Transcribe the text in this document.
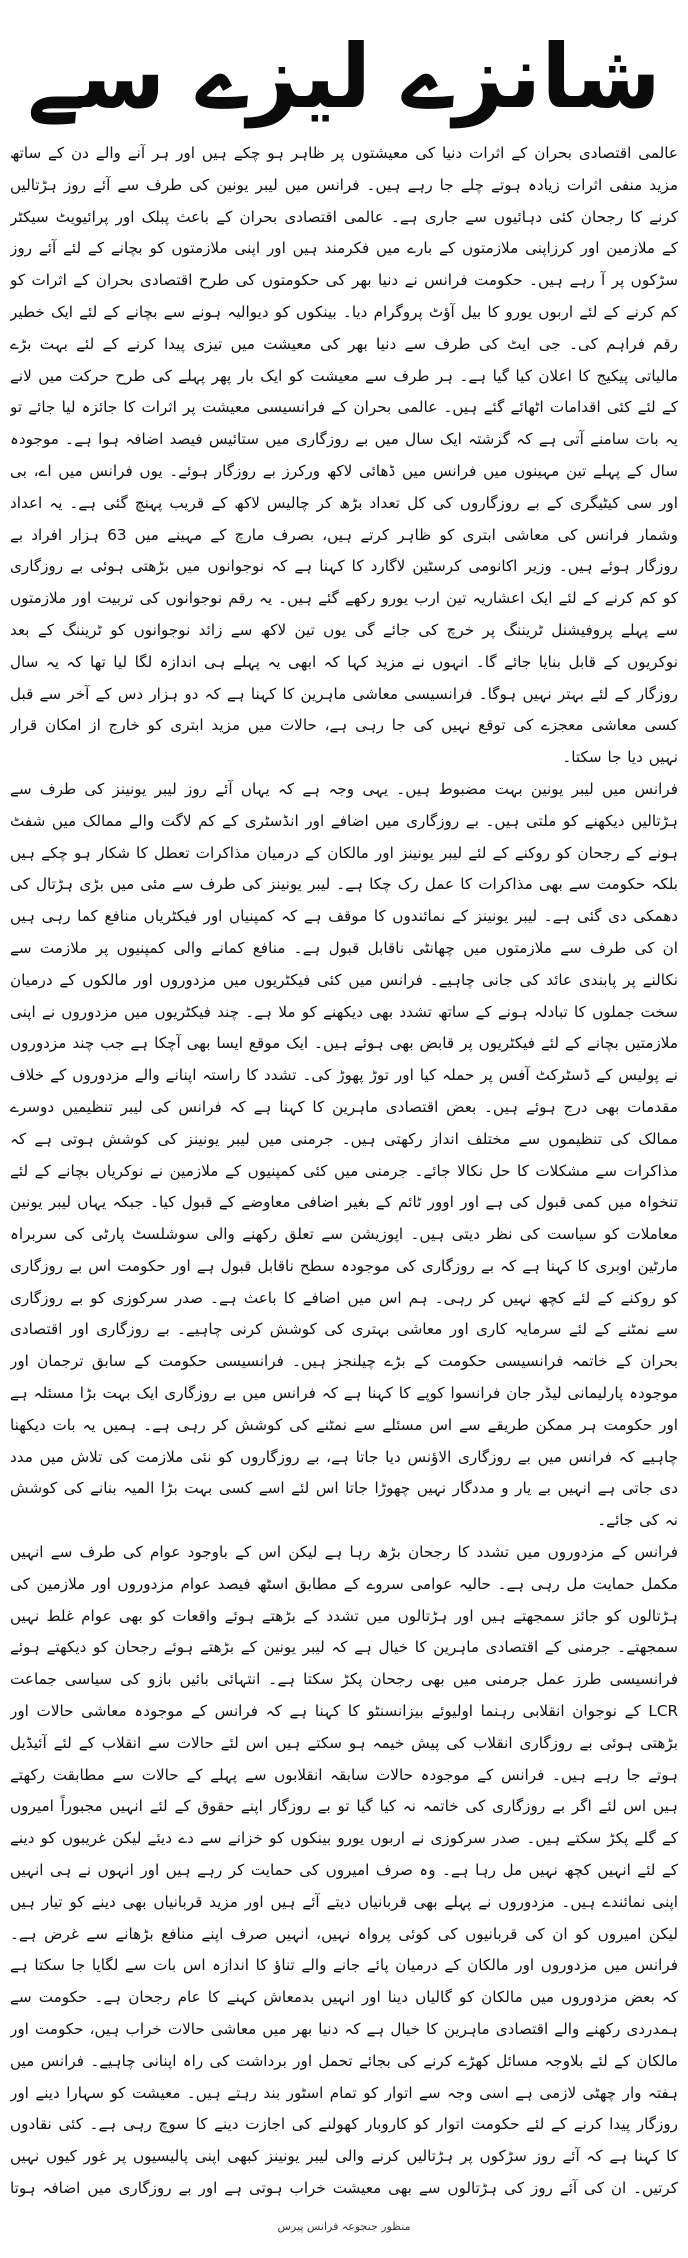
شانزے لیزے سے

عالمی اقتصادی بحران کے اثرات دنیا کی معیشتوں پر ظاہر ہو چکے ہیں اور ہر آنے والے دن کے ساتھ مزید منفی اثرات زیادہ ہوتے چلے جا رہے ہیں۔ فرانس میں لیبر یونین کی طرف سے آئے روز ہڑتالیں کرنے کا رجحان کئی دہائیوں سے جاری ہے۔ عالمی اقتصادی بحران کے باعث پبلک اور پرائیویٹ سیکٹر کے ملازمین اور کرزاپنی ملازمتوں کے بارے میں فکرمند ہیں اور اپنی ملازمتوں کو بچانے کے لئے آئے روز سڑکوں پر آ رہے ہیں۔ حکومت فرانس نے دنیا بھر کی حکومتوں کی طرح اقتصادی بحران کے اثرات کو کم کرنے کے لئے اربوں یورو کا بیل آؤٹ پروگرام دیا۔ بینکوں کو دیوالیہ ہونے سے بچانے کے لئے ایک خطیر رقم فراہم کی۔ جی ایٹ کی طرف سے دنیا بھر کی معیشت میں تیزی پیدا کرنے کے لئے بہت بڑے مالیاتی پیکیج کا اعلان کیا گیا ہے۔ ہر طرف سے معیشت کو ایک بار پھر پہلے کی طرح حرکت میں لانے کے لئے کئی اقدامات اٹھائے گئے ہیں۔ عالمی بحران کے فرانسیسی معیشت پر اثرات کا جائزہ لیا جائے تو یہ بات سامنے آتی ہے کہ گزشتہ ایک سال میں بے روزگاری میں ستائیس فیصد اضافہ ہوا ہے۔ موجودہ سال کے پہلے تین مہینوں میں فرانس میں ڈھائی لاکھ ورکرز بے روزگار ہوئے۔ یوں فرانس میں اے، بی اور سی کیٹیگری کے بے روزگاروں کی کل تعداد بڑھ کر چالیس لاکھ کے قریب پہنچ گئی ہے۔ یہ اعداد وشمار فرانس کی معاشی ابتری کو ظاہر کرتے ہیں، بصرف مارچ کے مہینے میں 63 ہزار افراد بے روزگار ہوئے ہیں۔ وزیر اکانومی کرسٹین لاگارد کا کہنا ہے کہ نوجوانوں میں بڑھتی ہوئی بے روزگاری کو کم کرنے کے لئے ایک اعشاریہ تین ارب یورو رکھے گئے ہیں۔ یہ رقم نوجوانوں کی تربیت اور ملازمتوں سے پہلے پروفیشنل ٹریننگ پر خرچ کی جائے گی یوں تین لاکھ سے زائد نوجوانوں کو ٹریننگ کے بعد نوکریوں کے قابل بنایا جائے گا۔ انہوں نے مزید کہا کہ ابھی یہ پہلے ہی اندازہ لگا لیا تھا کہ یہ سال روزگار کے لئے بہتر نہیں ہوگا۔ فرانسیسی معاشی ماہرین کا کہنا ہے کہ دو ہزار دس کے آخر سے قبل کسی معاشی معجزے کی توقع نہیں کی جا رہی ہے، حالات میں مزید ابتری کو خارج از امکان قرار نہیں دیا جا سکتا۔

فرانس میں لیبر یونین بہت مضبوط ہیں۔ یہی وجہ ہے کہ یہاں آئے روز لیبر یونینز کی طرف سے ہڑتالیں دیکھنے کو ملتی ہیں۔ بے روزگاری میں اضافے اور انڈسٹری کے کم لاگت والے ممالک میں شفٹ ہونے کے رجحان کو روکنے کے لئے لیبر یونینز اور مالکان کے درمیان مذاکرات تعطل کا شکار ہو چکے ہیں بلکہ حکومت سے بھی مذاکرات کا عمل رک چکا ہے۔ لیبر یونینز کی طرف سے مئی میں بڑی ہڑتال کی دھمکی دی گئی ہے۔ لیبر یونینز کے نمائندوں کا موقف ہے کہ کمپنیاں اور فیکٹریاں منافع کما رہی ہیں ان کی طرف سے ملازمتوں میں چھانٹی ناقابل قبول ہے۔ منافع کمانے والی کمپنیوں پر ملازمت سے نکالنے پر پابندی عائد کی جانی چاہیے۔ فرانس میں کئی فیکٹریوں میں مزدوروں اور مالکوں کے درمیان سخت جملوں کا تبادلہ ہونے کے ساتھ تشدد بھی دیکھنے کو ملا ہے۔ چند فیکٹریوں میں مزدوروں نے اپنی ملازمتیں بچانے کے لئے فیکٹریوں پر قابض بھی ہوئے ہیں۔ ایک موقع ایسا بھی آچکا ہے جب چند مزدوروں نے پولیس کے ڈسٹرکٹ آفس پر حملہ کیا اور توڑ پھوڑ کی۔ تشدد کا راستہ اپنانے والے مزدوروں کے خلاف مقدمات بھی درج ہوئے ہیں۔ بعض اقتصادی ماہرین کا کہنا ہے کہ فرانس کی لیبر تنظیمیں دوسرے ممالک کی تنظیموں سے مختلف انداز رکھتی ہیں۔ جرمنی میں لیبر یونینز کی کوشش ہوتی ہے کہ مذاکرات سے مشکلات کا حل نکالا جائے۔ جرمنی میں کئی کمپنیوں کے ملازمین نے نوکریاں بچانے کے لئے تنخواہ میں کمی قبول کی ہے اور اوور ٹائم کے بغیر اضافی معاوضے کے قبول کیا۔ جبکہ یہاں لیبر یونین معاملات کو سیاست کی نظر دیتی ہیں۔ اپوزیشن سے تعلق رکھنے والی سوشلسٹ پارٹی کی سربراہ مارٹین اوبری کا کہنا ہے کہ بے روزگاری کی موجودہ سطح ناقابل قبول ہے اور حکومت اس بے روزگاری کو روکنے کے لئے کچھ نہیں کر رہی۔ ہم اس میں اضافے کا باعث ہے۔ صدر سرکوزی کو بے روزگاری سے نمٹنے کے لئے سرمایہ کاری اور معاشی بہتری کی کوشش کرنی چاہیے۔ بے روزگاری اور اقتصادی بحران کے خاتمہ فرانسیسی حکومت کے بڑے چیلنجز ہیں۔ فرانسیسی حکومت کے سابق ترجمان اور موجودہ پارلیمانی لیڈر جان فرانسوا کوپے کا کہنا ہے کہ فرانس میں بے روزگاری ایک بہت بڑا مسئلہ ہے اور حکومت ہر ممکن طریقے سے اس مسئلے سے نمٹنے کی کوشش کر رہی ہے۔ ہمیں یہ بات دیکھنا چاہیے کہ فرانس میں بے روزگاری الاؤنس دیا جاتا ہے، بے روزگاروں کو نئی ملازمت کی تلاش میں مدد دی جاتی ہے انہیں بے یار و مددگار نہیں چھوڑا جاتا اس لئے اسے کسی بہت بڑا المیہ بنانے کی کوشش نہ کی جائے۔

فرانس کے مزدوروں میں تشدد کا رجحان بڑھ رہا ہے لیکن اس کے باوجود عوام کی طرف سے انہیں مکمل حمایت مل رہی ہے۔ حالیہ عوامی سروے کے مطابق اسٹھ فیصد عوام مزدوروں اور ملازمین کی ہڑتالوں کو جائز سمجھتے ہیں اور ہڑتالوں میں تشدد کے بڑھتے ہوئے واقعات کو بھی عوام غلط نہیں سمجھتے۔ جرمنی کے اقتصادی ماہرین کا خیال ہے کہ لیبر یونین کے بڑھتے ہوئے رجحان کو دیکھتے ہوئے فرانسیسی طرز عمل جرمنی میں بھی رجحان پکڑ سکتا ہے۔ انتہائی بائیں بازو کی سیاسی جماعت LCR کے نوجوان انقلابی رہنما اولیوئے بیزانسنٹو کا کہنا ہے کہ فرانس کے موجودہ معاشی حالات اور بڑھتی ہوئی بے روزگاری انقلاب کی پیش خیمہ ہو سکتے ہیں اس لئے حالات سے انقلاب کے لئے آئیڈیل ہوتے جا رہے ہیں۔ فرانس کے موجودہ حالات سابقہ انقلابوں سے پہلے کے حالات سے مطابقت رکھتے ہیں اس لئے اگر بے روزگاری کی خاتمہ نہ کیا گیا تو بے روزگار اپنے حقوق کے لئے انہیں مجبوراً امیروں کے گلے پکڑ سکتے ہیں۔ صدر سرکوزی نے اربوں یورو بینکوں کو خزانے سے دے دیئے لیکن غریبوں کو دینے کے لئے انہیں کچھ نہیں مل رہا ہے۔ وہ صرف امیروں کی حمایت کر رہے ہیں اور انہوں نے ہی انہیں اپنی نمائندے ہیں۔ مزدوروں نے پہلے بھی قربانیاں دیتے آئے ہیں اور مزید قربانیاں بھی دینے کو تیار ہیں لیکن امیروں کو ان کی قربانیوں کی کوئی پرواہ نہیں، انہیں صرف اپنے منافع بڑھانے سے غرض ہے۔ فرانس میں مزدوروں اور مالکان کے درمیان پائے جانے والے تناؤ کا اندازہ اس بات سے لگایا جا سکتا ہے کہ بعض مزدوروں میں مالکان کو گالیاں دینا اور انہیں بدمعاش کہنے کا عام رجحان ہے۔ حکومت سے ہمدردی رکھنے والے اقتصادی ماہرین کا خیال ہے کہ دنیا بھر میں معاشی حالات خراب ہیں، حکومت اور مالکان کے لئے بلاوجہ مسائل کھڑے کرنے کی بجائے تحمل اور برداشت کی راہ اپنانی چاہیے۔ فرانس میں ہفتہ وار چھٹی لازمی ہے اسی وجہ سے اتوار کو تمام اسٹور بند رہتے ہیں۔ معیشت کو سہارا دینے اور روزگار پیدا کرنے کے لئے حکومت اتوار کو کاروبار کھولنے کی اجازت دینے کا سوچ رہی ہے۔ کئی نقادوں کا کہنا ہے کہ آئے روز سڑکوں پر ہڑتالیں کرنے والی لیبر یونینز کبھی اپنی پالیسیوں پر غور کیوں نہیں کرتیں۔ ان کی آئے روز کی ہڑتالوں سے بھی معیشت خراب ہوتی ہے اور بے روزگاری میں اضافہ ہوتا

منظور جنجوعہ فرانس پیرس
